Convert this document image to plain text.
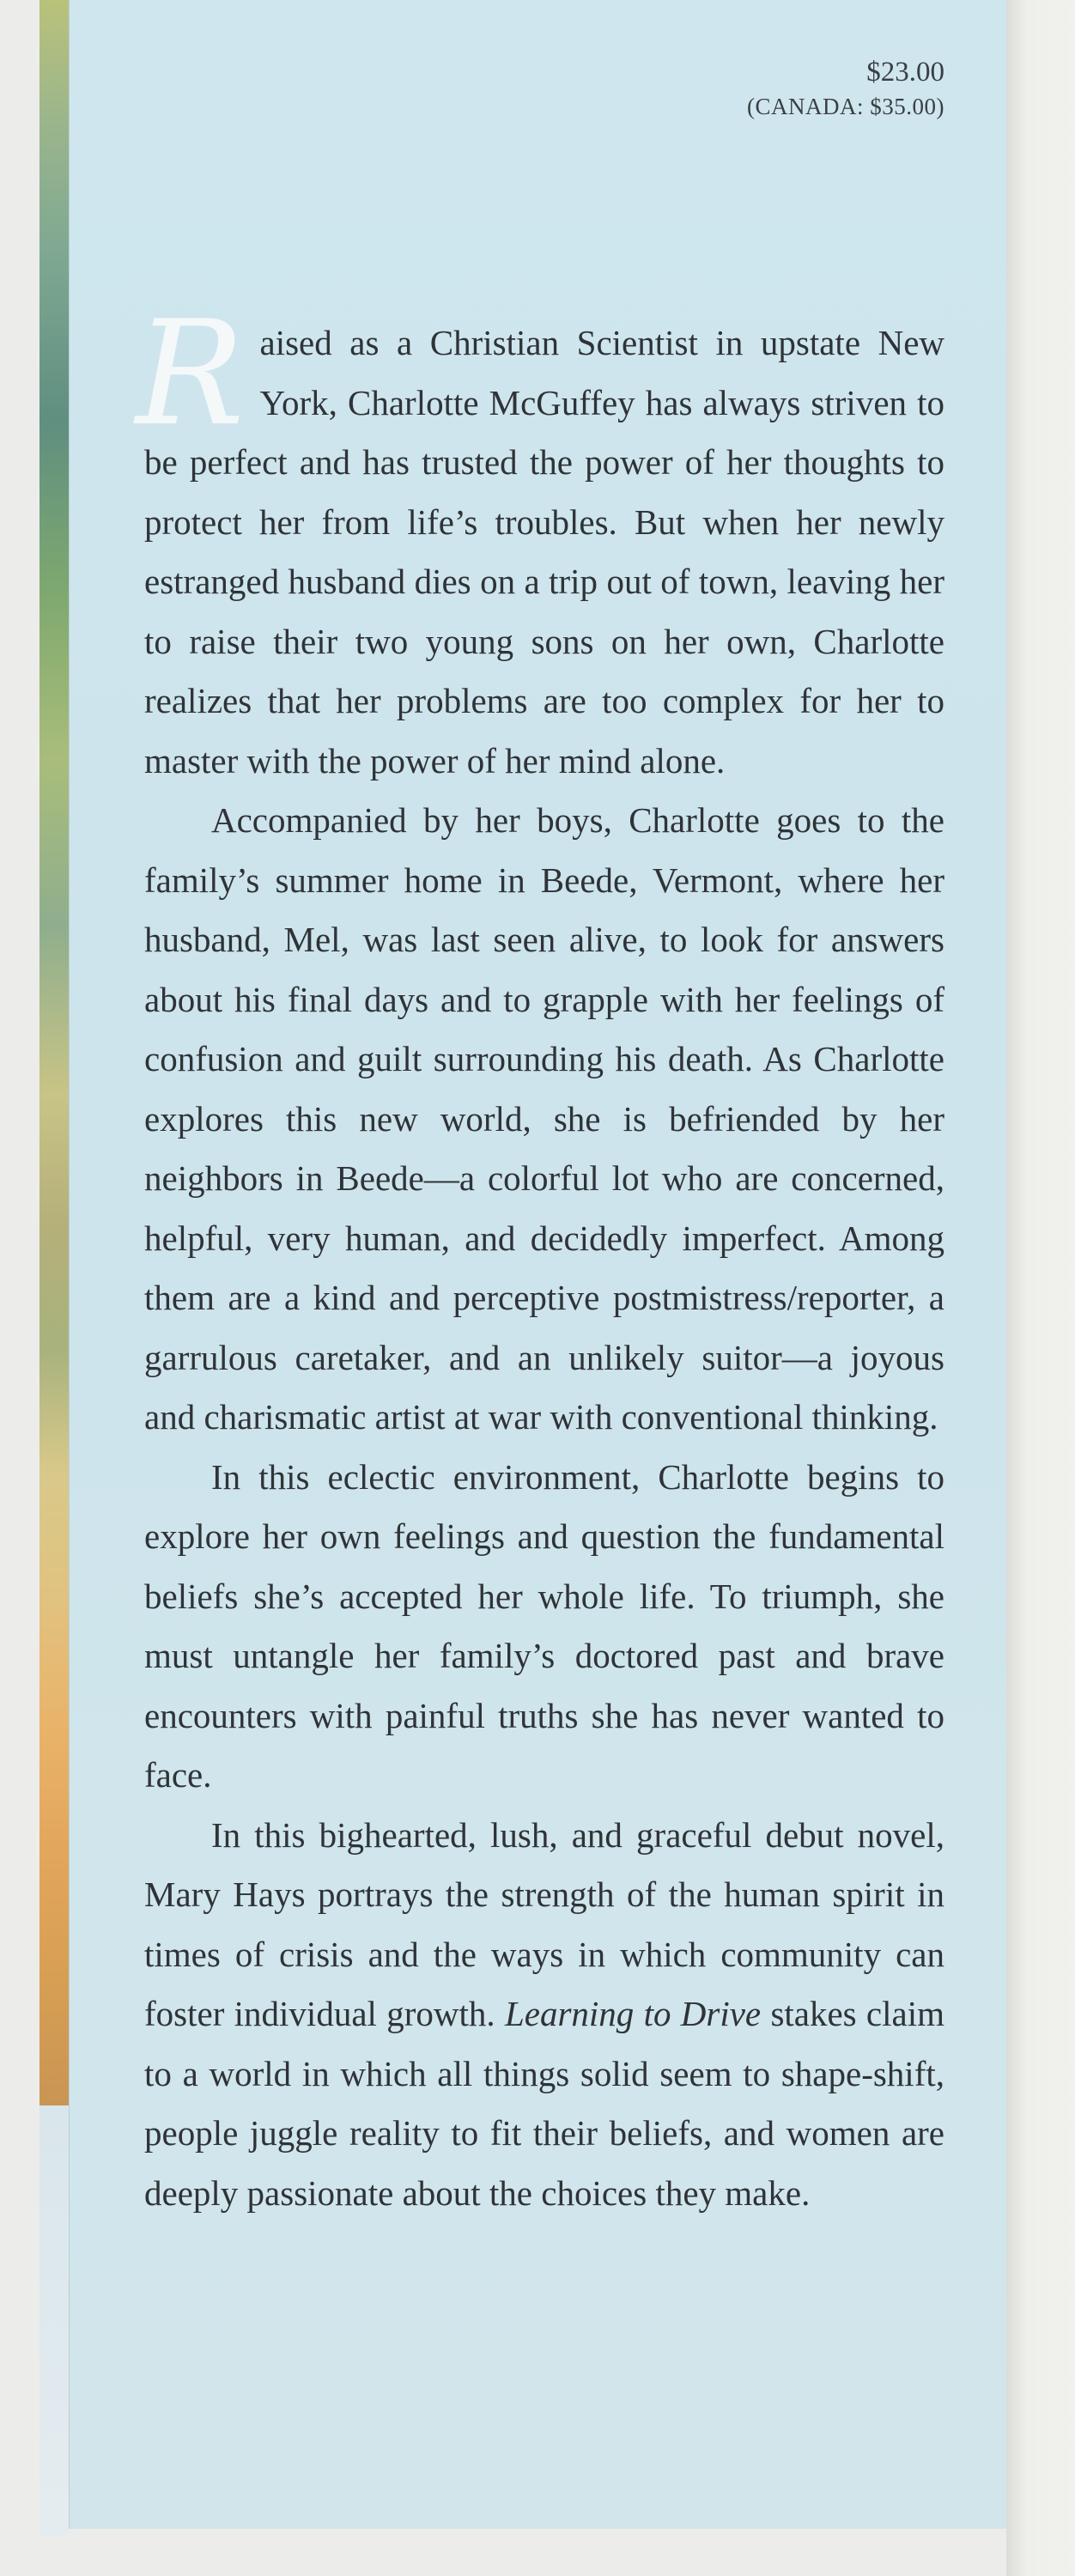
$23.00
(CANADA: $35.00)

Raised as a Christian Scientist in upstate New York, Charlotte McGuffey has always striven to be perfect and has trusted the power of her thoughts to protect her from life’s troubles. But when her newly estranged husband dies on a trip out of town, leaving her to raise their two young sons on her own, Charlotte realizes that her problems are too complex for her to master with the power of her mind alone.

Accompanied by her boys, Charlotte goes to the family’s summer home in Beede, Vermont, where her husband, Mel, was last seen alive, to look for answers about his final days and to grapple with her feelings of confusion and guilt surrounding his death. As Charlotte explores this new world, she is befriended by her neighbors in Beede—a colorful lot who are concerned, helpful, very human, and decidedly imperfect. Among them are a kind and perceptive postmistress/reporter, a garrulous caretaker, and an unlikely suitor—a joyous and charismatic artist at war with conventional thinking.

In this eclectic environment, Charlotte begins to explore her own feelings and question the fundamental beliefs she’s accepted her whole life. To triumph, she must untangle her family’s doctored past and brave encounters with painful truths she has never wanted to face.

In this bighearted, lush, and graceful debut novel, Mary Hays portrays the strength of the human spirit in times of crisis and the ways in which community can foster individual growth. Learning to Drive stakes claim to a world in which all things solid seem to shape-shift, people juggle reality to fit their beliefs, and women are deeply passionate about the choices they make.
